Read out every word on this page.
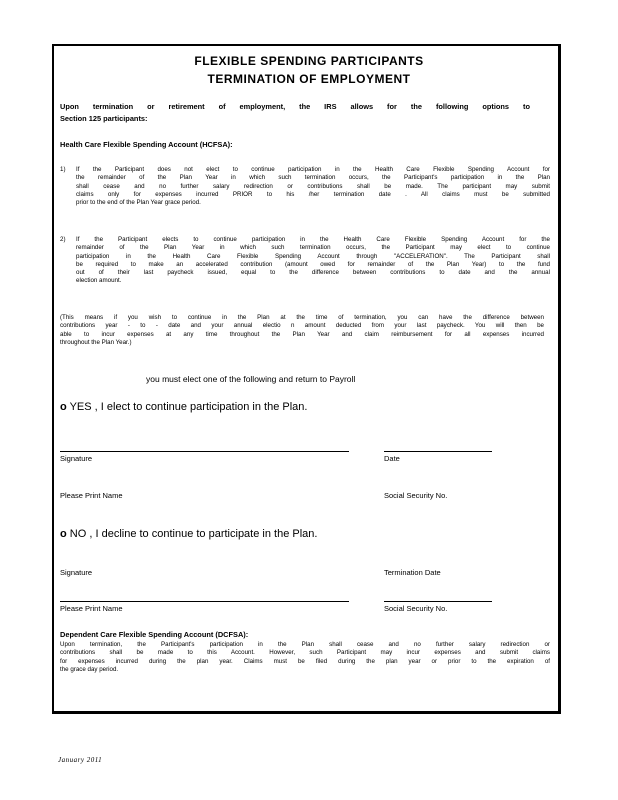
FLEXIBLE SPENDING PARTICIPANTS
TERMINATION OF EMPLOYMENT
Upon termination or retirement of employment, the IRS allows for the following options to
Section 125 participants:
Health Care Flexible Spending Account (HCFSA):
1) If the Participant does not elect to continue participation in the Health Care Flexible Spending Account for
the remainder of the Plan Year in which such termination occurs, the Participant's participation in the Plan
shall cease and no further salary redirection or contributions shall be made. The participant may submit
claims only for expenses incurred PRIOR to his /her termination date . All claims must be submitted
prior to the end of the Plan Year grace period.
2) If the Participant elects to continue participation in the Health Care Flexible Spending Account for the
remainder of the Plan Year in which such termination occurs, the Participant may elect to continue
participation in the Health Care Flexible Spending Account through "ACCELERATION". The Participant shall
be required to make an accelerated contribution (amount owed for remainder of the Plan Year) to the fund
out of their last paycheck issued, equal to the difference between contributions to date and the annual
election amount.
(This means if you wish to continue in the Plan at the time of termination, you can have the difference between
contributions year - to - date and your annual electio n amount deducted from your last paycheck. You will then be
able to incur expenses at any time throughout the Plan Year and claim reimbursement for all expenses incurred
throughout the Plan Year.)
you must elect one of the following and return to Payroll
o YES , I elect to continue participation in the Plan.
Signature	Date
Please Print Name	Social Security No.
o NO , I decline to continue to participate in the Plan.
Signature	Termination Date
Please Print Name	Social Security No.
Dependent Care Flexible Spending Account (DCFSA):
Upon termination, the Participant's participation in the Plan shall cease and no further salary redirection or
contributions shall be made to this Account. However, such Participant may incur expenses and submit claims
for expenses incurred during the plan year. Claims must be filed during the plan year or prior to the expiration of
the grace day period.
January 2011
